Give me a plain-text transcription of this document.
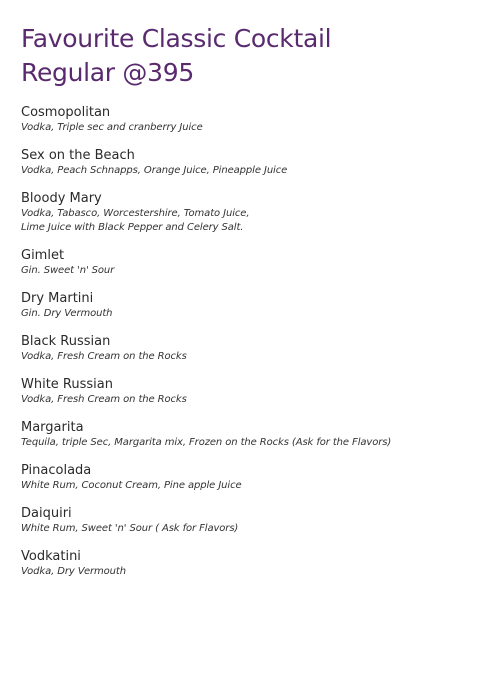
Favourite Classic Cocktail
Regular @395
Cosmopolitan
Vodka, Triple sec and cranberry Juice
Sex on the Beach
Vodka, Peach Schnapps, Orange Juice, Pineapple Juice
Bloody Mary
Vodka, Tabasco, Worcestershire, Tomato Juice,
Lime Juice with Black Pepper and Celery Salt.
Gimlet
Gin. Sweet 'n' Sour
Dry Martini
Gin. Dry Vermouth
Black Russian
Vodka, Fresh Cream on the Rocks
White Russian
Vodka, Fresh Cream on the Rocks
Margarita
Tequila, triple Sec, Margarita mix, Frozen on the Rocks (Ask for the Flavors)
Pinacolada
White Rum, Coconut Cream, Pine apple Juice
Daiquiri
White Rum, Sweet 'n' Sour ( Ask for Flavors)
Vodkatini
Vodka, Dry Vermouth
